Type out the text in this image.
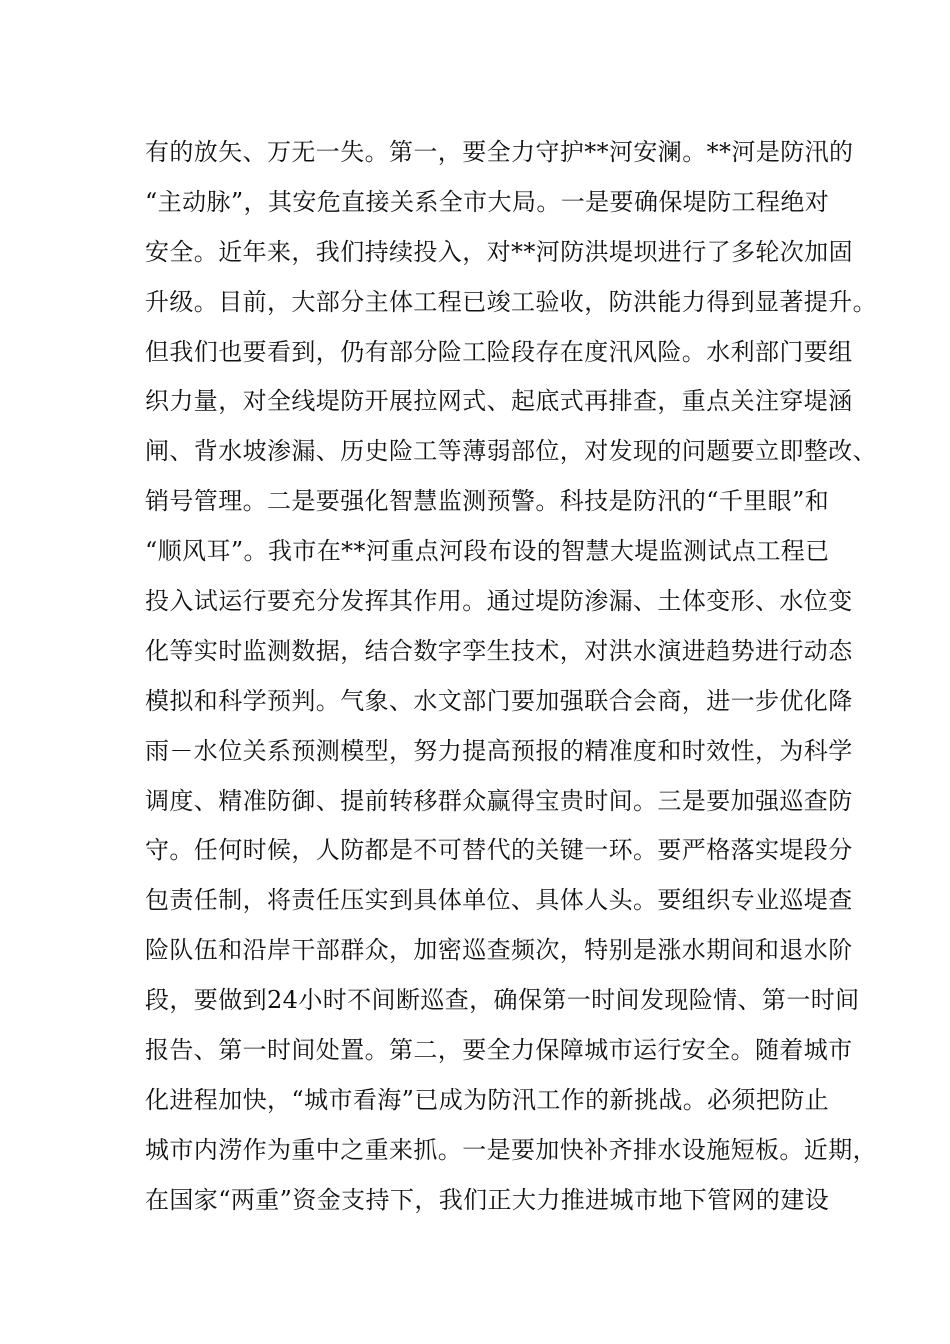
有的放矢、万无一失。第一，要全力守护**河安澜。**河是防汛的
“主动脉”，其安危直接关系全市大局。一是要确保堤防工程绝对
安全。近年来，我们持续投入，对**河防洪堤坝进行了多轮次加固
升级。目前，大部分主体工程已竣工验收，防洪能力得到显著提升。
但我们也要看到，仍有部分险工险段存在度汛风险。水利部门要组
织力量，对全线堤防开展拉网式、起底式再排查，重点关注穿堤涵
闸、背水坡渗漏、历史险工等薄弱部位，对发现的问题要立即整改、
销号管理。二是要强化智慧监测预警。科技是防汛的“千里眼”和
“顺风耳”。我市在**河重点河段布设的智慧大堤监测试点工程已
投入试运行要充分发挥其作用。通过堤防渗漏、土体变形、水位变
化等实时监测数据，结合数字孪生技术，对洪水演进趋势进行动态
模拟和科学预判。气象、水文部门要加强联合会商，进一步优化降
雨－水位关系预测模型，努力提高预报的精准度和时效性，为科学
调度、精准防御、提前转移群众赢得宝贵时间。三是要加强巡查防
守。任何时候，人防都是不可替代的关键一环。要严格落实堤段分
包责任制，将责任压实到具体单位、具体人头。要组织专业巡堤查
险队伍和沿岸干部群众，加密巡查频次，特别是涨水期间和退水阶
段，要做到24小时不间断巡查，确保第一时间发现险情、第一时间
报告、第一时间处置。第二，要全力保障城市运行安全。随着城市
化进程加快，“城市看海”已成为防汛工作的新挑战。必须把防止
城市内涝作为重中之重来抓。一是要加快补齐排水设施短板。近期，
在国家“两重”资金支持下，我们正大力推进城市地下管网的建设
